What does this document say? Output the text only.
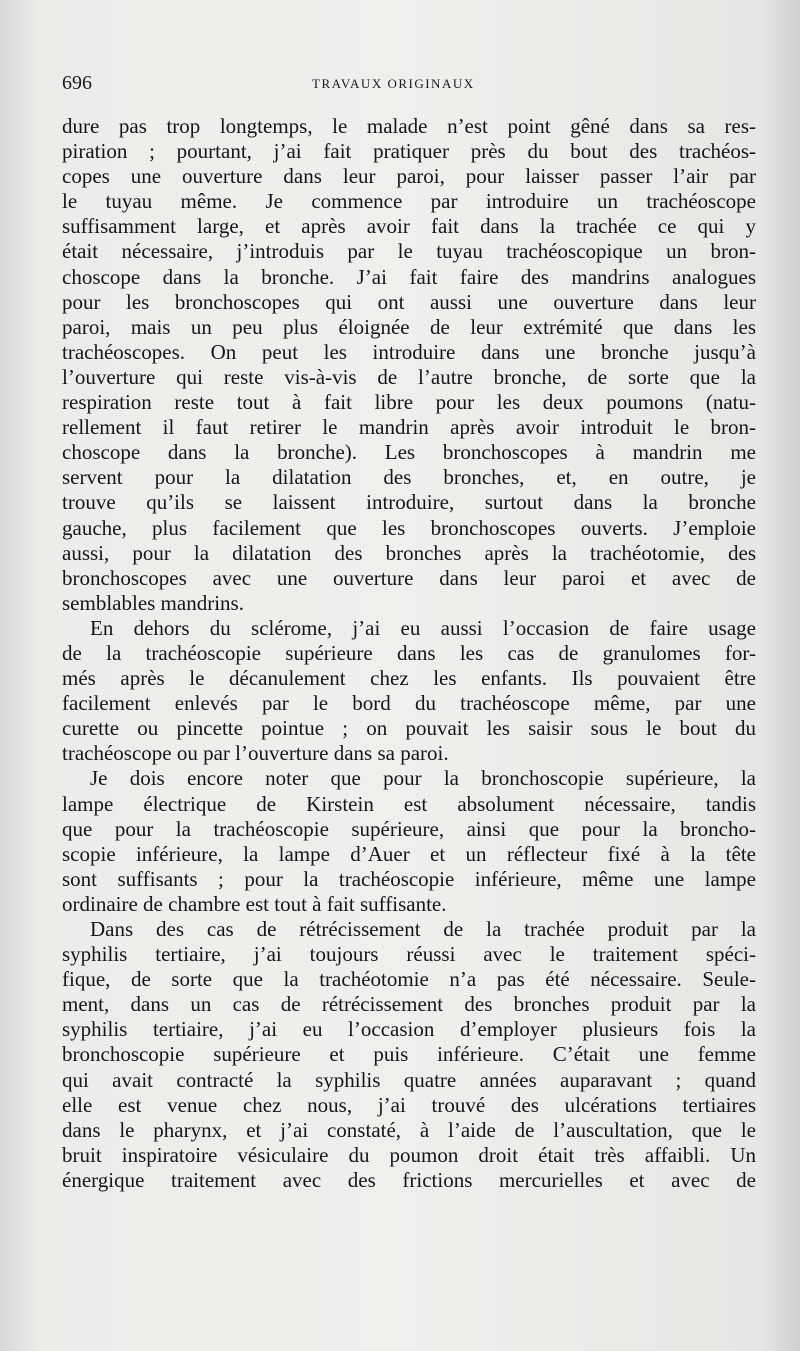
696	TRAVAUX ORIGINAUX
dure pas trop longtemps, le malade n’est point gêné dans sa res-
piration ; pourtant, j’ai fait pratiquer près du bout des trachéos-
copes une ouverture dans leur paroi, pour laisser passer l’air par
le tuyau même. Je commence par introduire un trachéoscope
suffisamment large, et après avoir fait dans la trachée ce qui y
était nécessaire, j’introduis par le tuyau trachéoscopique un bron-
choscope dans la bronche. J’ai fait faire des mandrins analogues
pour les bronchoscopes qui ont aussi une ouverture dans leur
paroi, mais un peu plus éloignée de leur extrémité que dans les
trachéoscopes. On peut les introduire dans une bronche jusqu’à
l’ouverture qui reste vis-à-vis de l’autre bronche, de sorte que la
respiration reste tout à fait libre pour les deux poumons (natu-
rellement il faut retirer le mandrin après avoir introduit le bron-
choscope dans la bronche). Les bronchoscopes à mandrin me
servent pour la dilatation des bronches, et, en outre, je
trouve qu’ils se laissent introduire, surtout dans la bronche
gauche, plus facilement que les bronchoscopes ouverts. J’emploie
aussi, pour la dilatation des bronches après la trachéotomie, des
bronchoscopes avec une ouverture dans leur paroi et avec de
semblables mandrins.
En dehors du sclérome, j’ai eu aussi l’occasion de faire usage
de la trachéoscopie supérieure dans les cas de granulomes for-
més après le décanulement chez les enfants. Ils pouvaient être
facilement enlevés par le bord du trachéoscope même, par une
curette ou pincette pointue ; on pouvait les saisir sous le bout du
trachéoscope ou par l’ouverture dans sa paroi.
Je dois encore noter que pour la bronchoscopie supérieure, la
lampe électrique de Kirstein est absolument nécessaire, tandis
que pour la trachéoscopie supérieure, ainsi que pour la broncho-
scopie inférieure, la lampe d’Auer et un réflecteur fixé à la tête
sont suffisants ; pour la trachéoscopie inférieure, même une lampe
ordinaire de chambre est tout à fait suffisante.
Dans des cas de rétrécissement de la trachée produit par la
syphilis tertiaire, j’ai toujours réussi avec le traitement spéci-
fique, de sorte que la trachéotomie n’a pas été nécessaire. Seule-
ment, dans un cas de rétrécissement des bronches produit par la
syphilis tertiaire, j’ai eu l’occasion d’employer plusieurs fois la
bronchoscopie supérieure et puis inférieure. C’était une femme
qui avait contracté la syphilis quatre années auparavant ; quand
elle est venue chez nous, j’ai trouvé des ulcérations tertiaires
dans le pharynx, et j’ai constaté, à l’aide de l’auscultation, que le
bruit inspiratoire vésiculaire du poumon droit était très affaibli. Un
énergique traitement avec des frictions mercurielles et avec de
